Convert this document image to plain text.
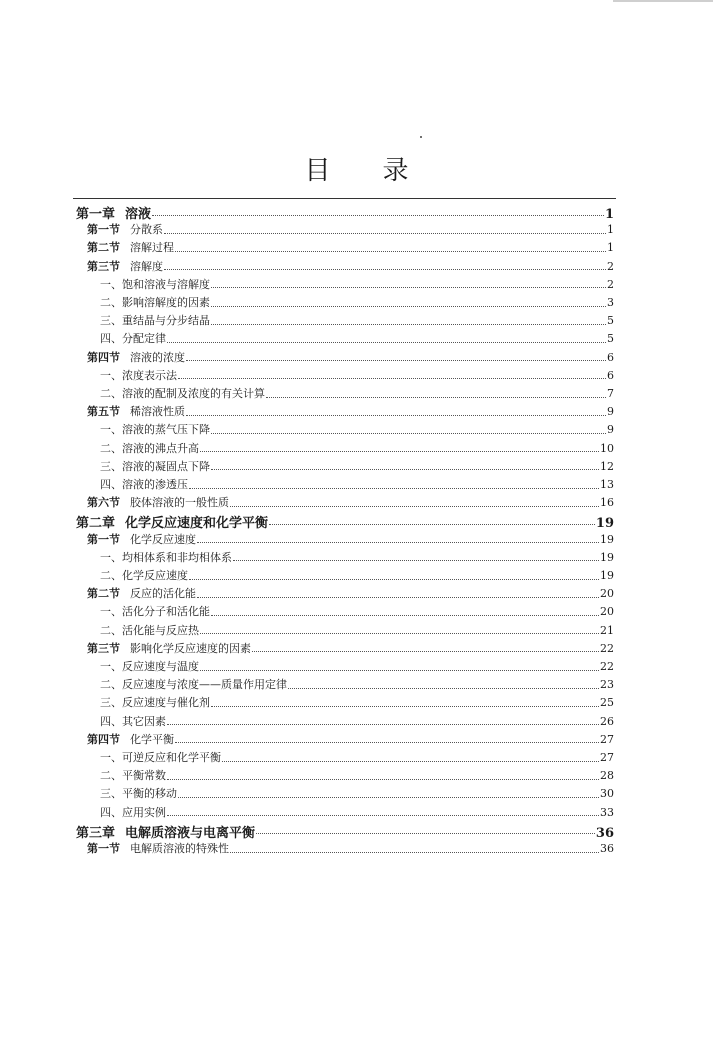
目 录
第一章 溶液	1
第一节 分散系	1
第二节 溶解过程	1
第三节 溶解度	2
一、饱和溶液与溶解度	2
二、影响溶解度的因素	3
三、重结晶与分步结晶	5
四、分配定律	5
第四节 溶液的浓度	6
一、浓度表示法	6
二、溶液的配制及浓度的有关计算	7
第五节 稀溶液性质	9
一、溶液的蒸气压下降	9
二、溶液的沸点升高	10
三、溶液的凝固点下降	12
四、溶液的渗透压	13
第六节 胶体溶液的一般性质	16
第二章 化学反应速度和化学平衡	19
第一节 化学反应速度	19
一、均相体系和非均相体系	19
二、化学反应速度	19
第二节 反应的活化能	20
一、活化分子和活化能	20
二、活化能与反应热	21
第三节 影响化学反应速度的因素	22
一、反应速度与温度	22
二、反应速度与浓度——质量作用定律	23
三、反应速度与催化剂	25
四、其它因素	26
第四节 化学平衡	27
一、可逆反应和化学平衡	27
二、平衡常数	28
三、平衡的移动	30
四、应用实例	33
第三章 电解质溶液与电离平衡	36
第一节 电解质溶液的特殊性	36
